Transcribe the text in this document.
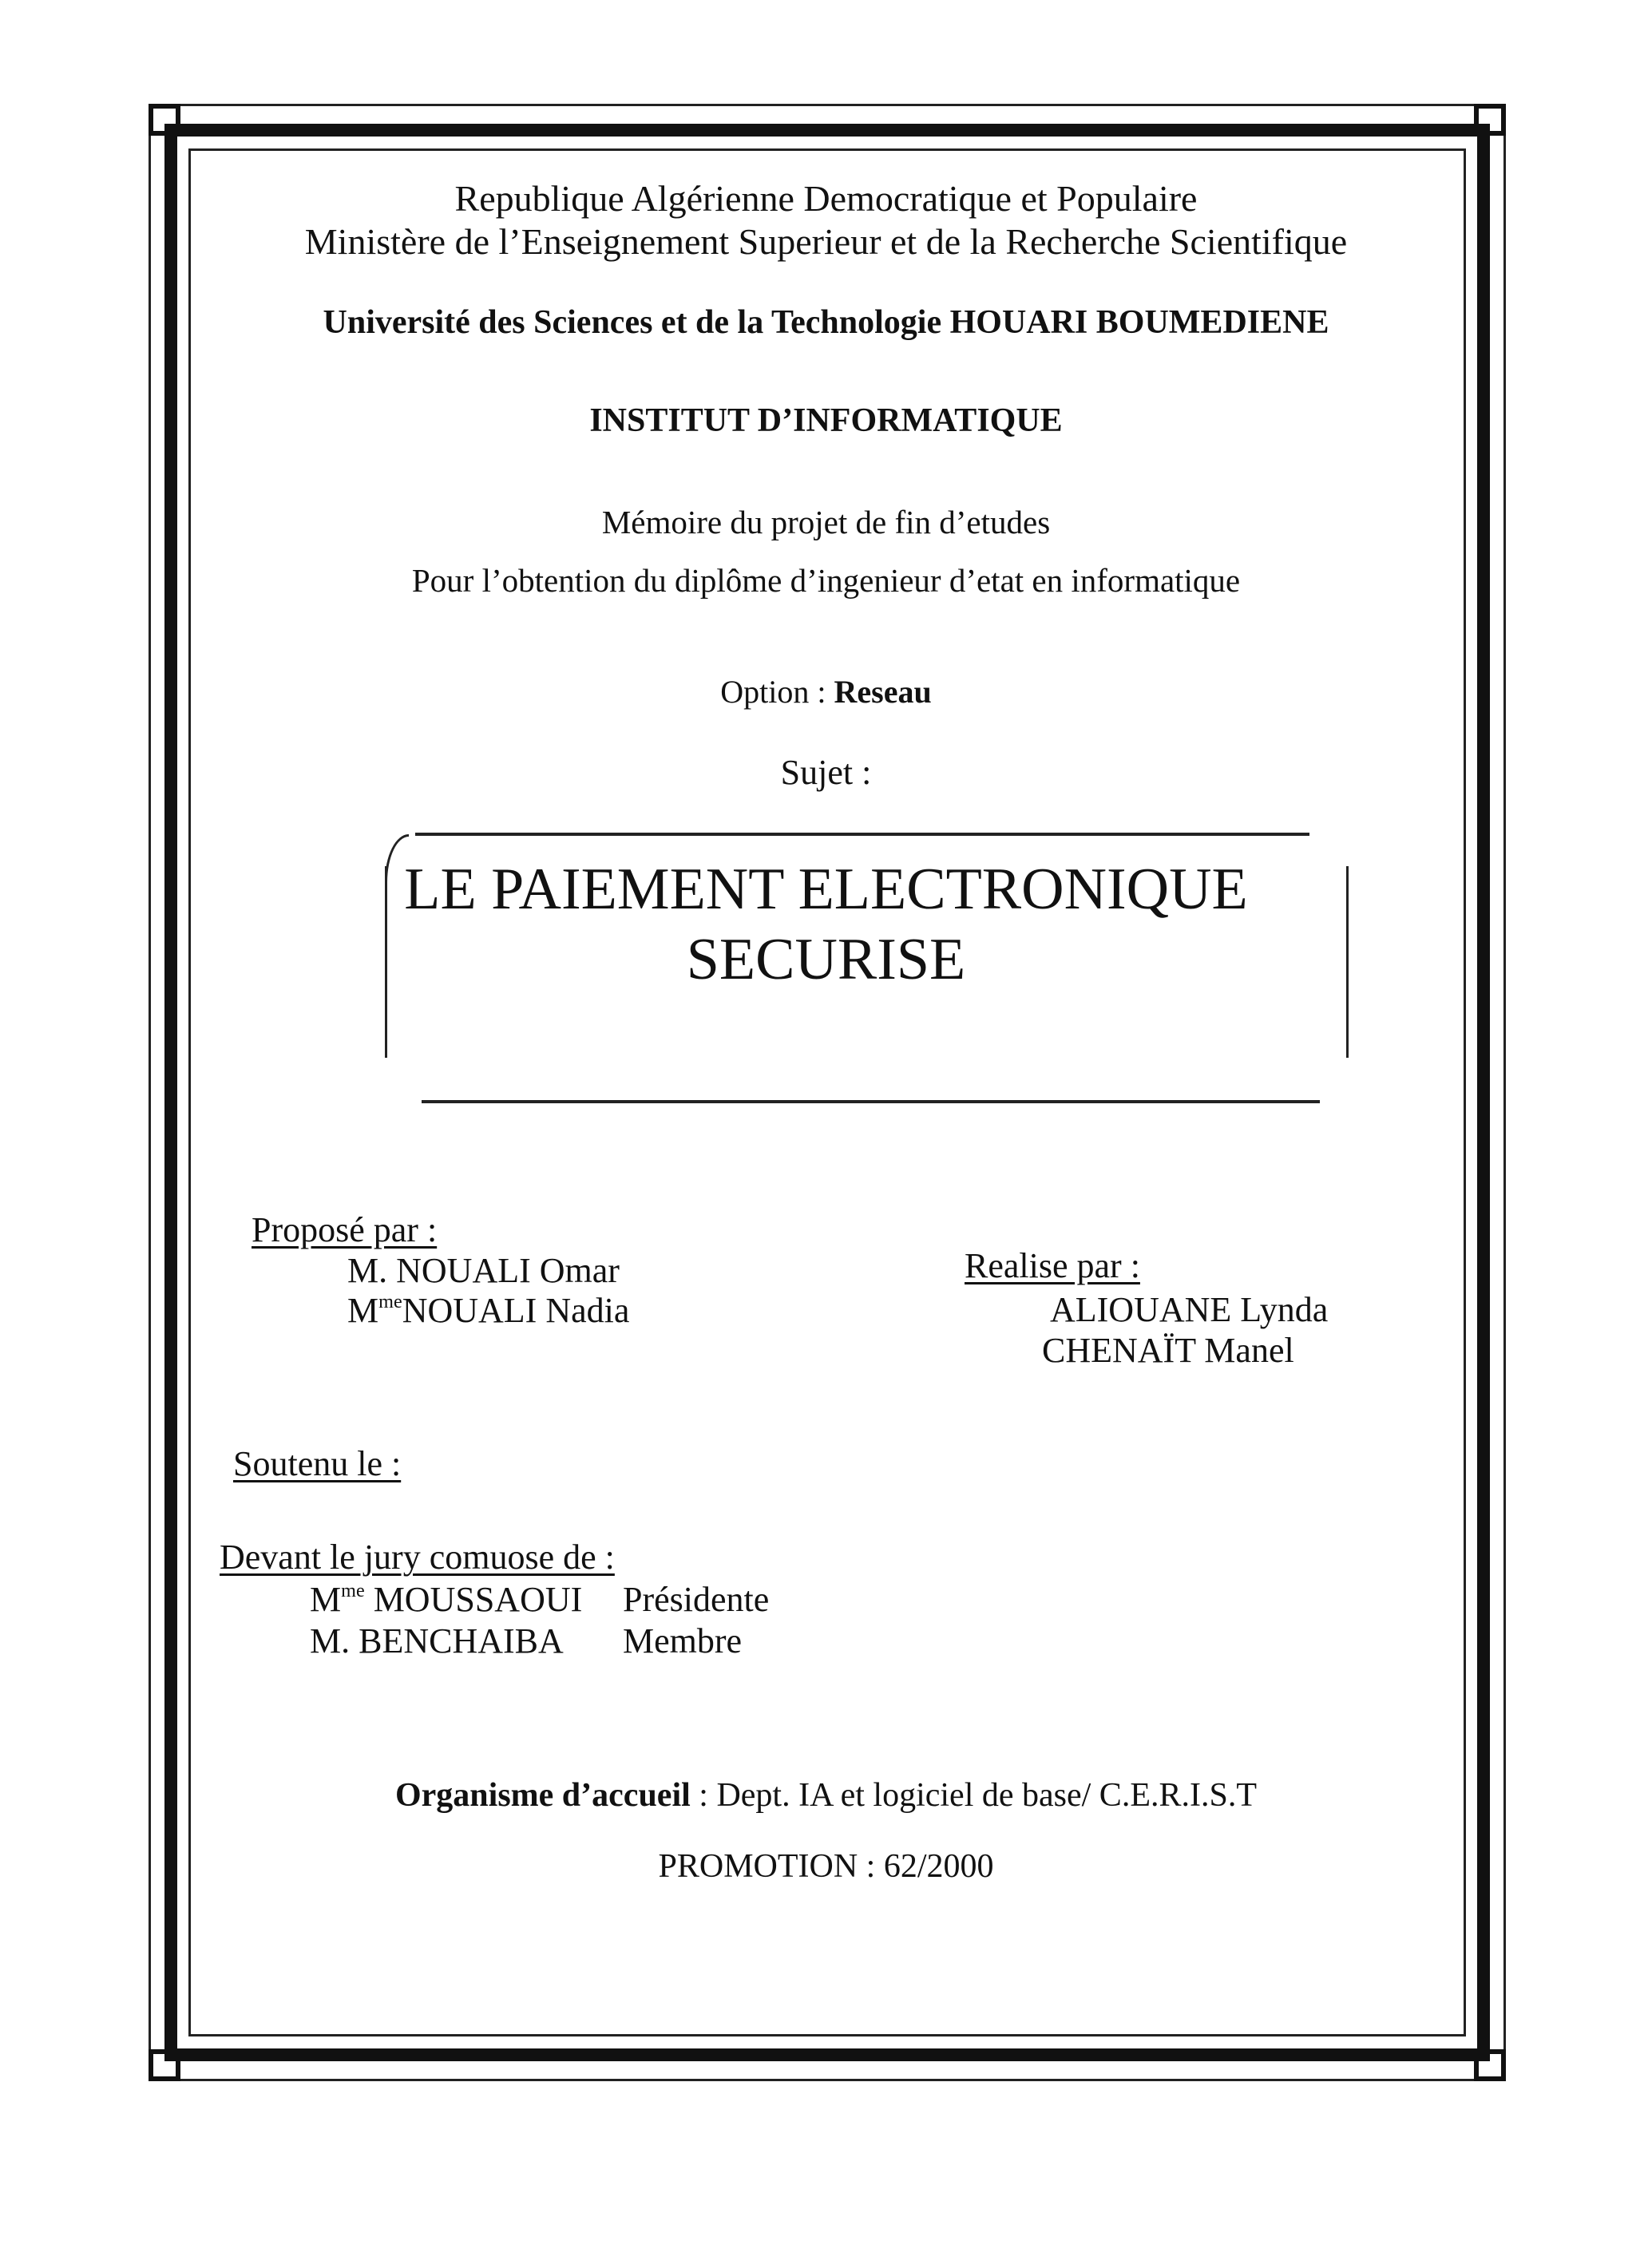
Republique Algérienne Democratique et Populaire
Ministère de l’Enseignement Superieur et de la Recherche Scientifique
Université des Sciences et de la Technologie HOUARI BOUMEDIENE
INSTITUT D’INFORMATIQUE
Mémoire du projet de fin d’etudes
Pour l’obtention du diplôme d’ingenieur d’etat en informatique
Option : Reseau
Sujet :
LE PAIEMENT ELECTRONIQUE
SECURISE
Proposé par :
M. NOUALI Omar
$M^{me}NOUALI$ Nadia
Realise par :
ALIOUANE Lynda
CHENAÏT Manel
Soutenu le :
Devant le jury comuose de :
$M^{me}$ MOUSSAOUI Présidente
M. BENCHAIBA Membre
Organisme d’accueil : Dept. IA et logiciel de base/ C.E.R.I.S.T
PROMOTION : 62/2000
